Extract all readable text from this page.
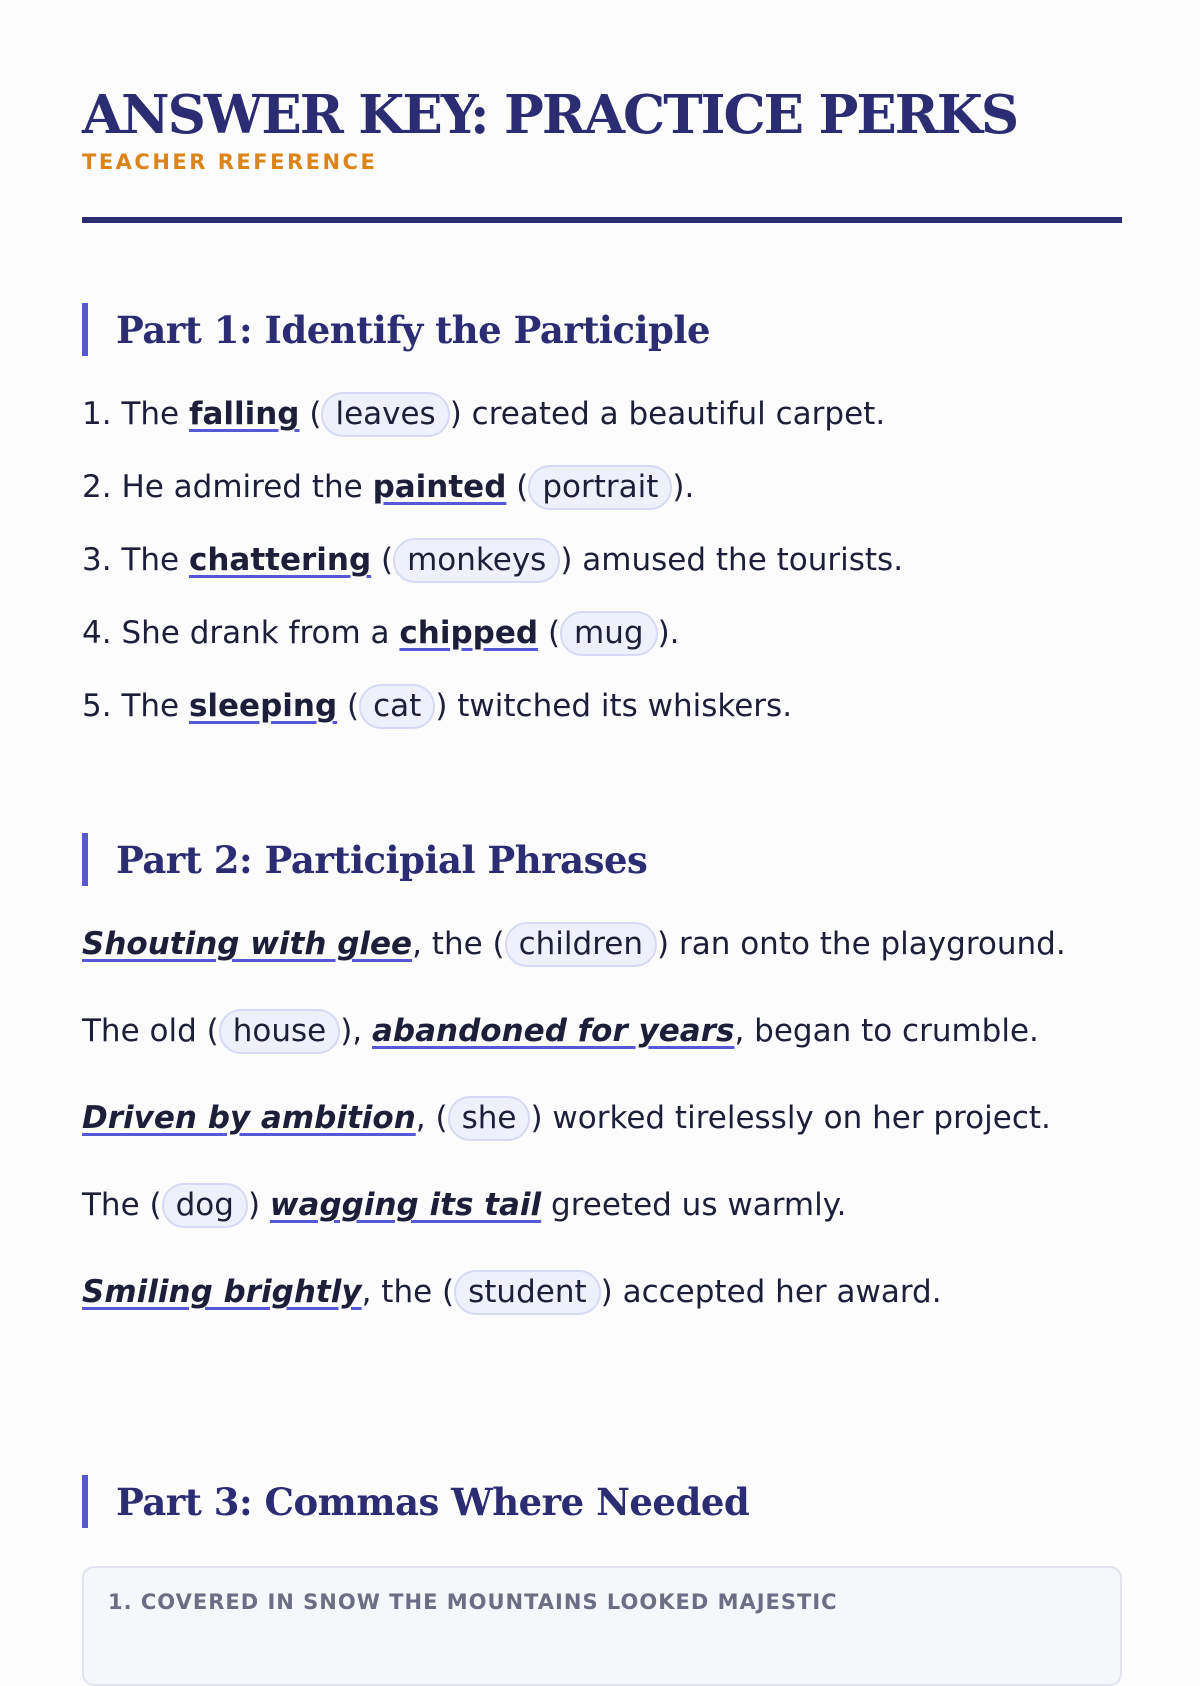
ANSWER KEY: PRACTICE PERKS
TEACHER REFERENCE
Part 1: Identify the Participle
1. The falling ( leaves ) created a beautiful carpet.
2. He admired the painted ( portrait ).
3. The chattering ( monkeys ) amused the tourists.
4. She drank from a chipped ( mug ).
5. The sleeping ( cat ) twitched its whiskers.
Part 2: Participial Phrases
Shouting with glee, the ( children ) ran onto the playground.
The old ( house ), abandoned for years, began to crumble.
Driven by ambition, ( she ) worked tirelessly on her project.
The ( dog ) wagging its tail greeted us warmly.
Smiling brightly, the ( student ) accepted her award.
Part 3: Commas Where Needed
1. COVERED IN SNOW THE MOUNTAINS LOOKED MAJESTIC
